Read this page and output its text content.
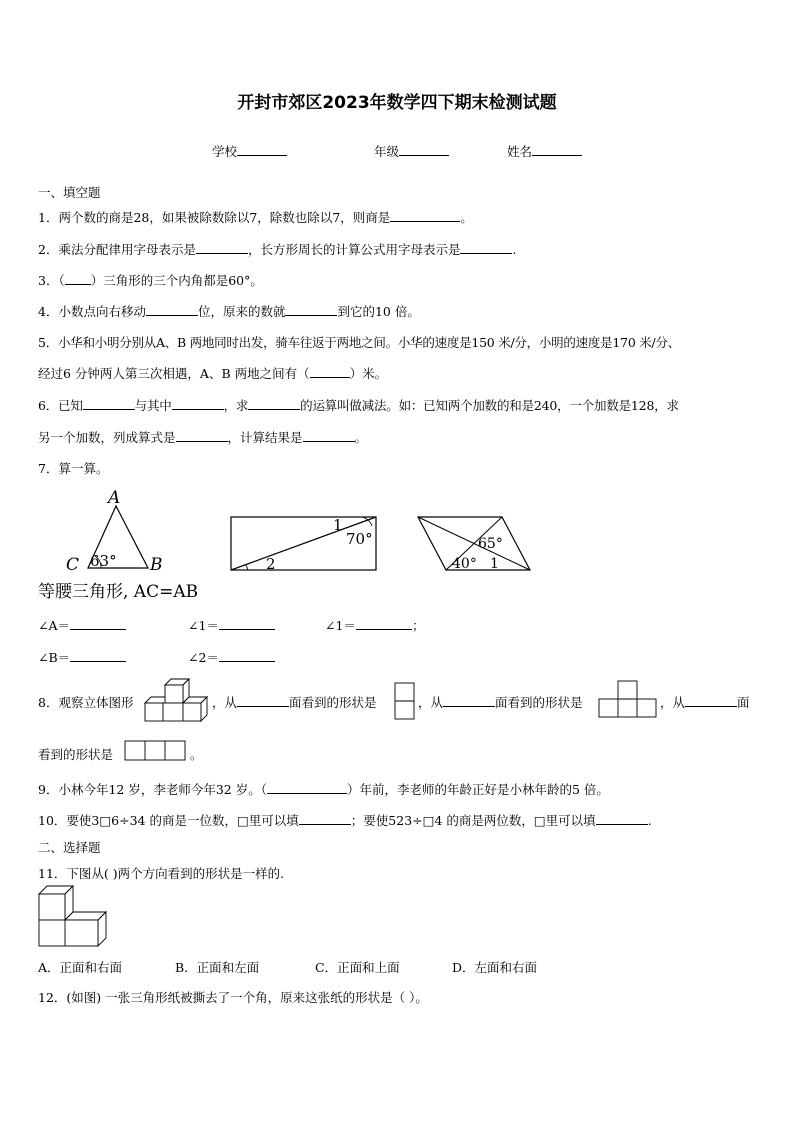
开封市郊区2023年数学四下期末检测试题
学校	年级	姓名
一、填空题
1．两个数的商是28，如果被除数除以7，除数也除以7，则商是	。
2．乘法分配律用字母表示是	，长方形周长的计算公式用字母表示是	.
3．（ ）三角形的三个内角都是60°。
4．小数点向右移动	位，原来的数就	到它的10 倍。
5．小华和小明分别从A、B 两地同时出发，骑车往返于两地之间。小华的速度是150 米/分，小明的速度是170 米/分、
经过6 分钟两人第三次相遇，A、B 两地之间有（	）米。
6．已知	与其中	，求	的运算叫做减法。如：已知两个加数的和是240，一个加数是128，求
另一个加数，列成算式是	，计算结果是	。
7．算一算。
A
C	B
63°
等腰三角形, AC=AB
1
70°
2
65°
40° 1
∠A＝	∠1＝	∠1＝	；
∠B＝	∠2＝
8．观察立体图形	，从	面看到的形状是	，从	面看到的形状是	，从	面
看到的形状是	。
9．小林今年12 岁，李老师今年32 岁。（	）年前，李老师的年龄正好是小林年龄的5 倍。
10．要使3□6÷34 的商是一位数，□里可以填	；要使523÷□4 的商是两位数，□里可以填	.
二、选择题
11．下图从( )两个方向看到的形状是一样的.
A．正面和右面	B．正面和左面	C．正面和上面	D．左面和右面
12．(如图) 一张三角形纸被撕去了一个角，原来这张纸的形状是（ ）。
